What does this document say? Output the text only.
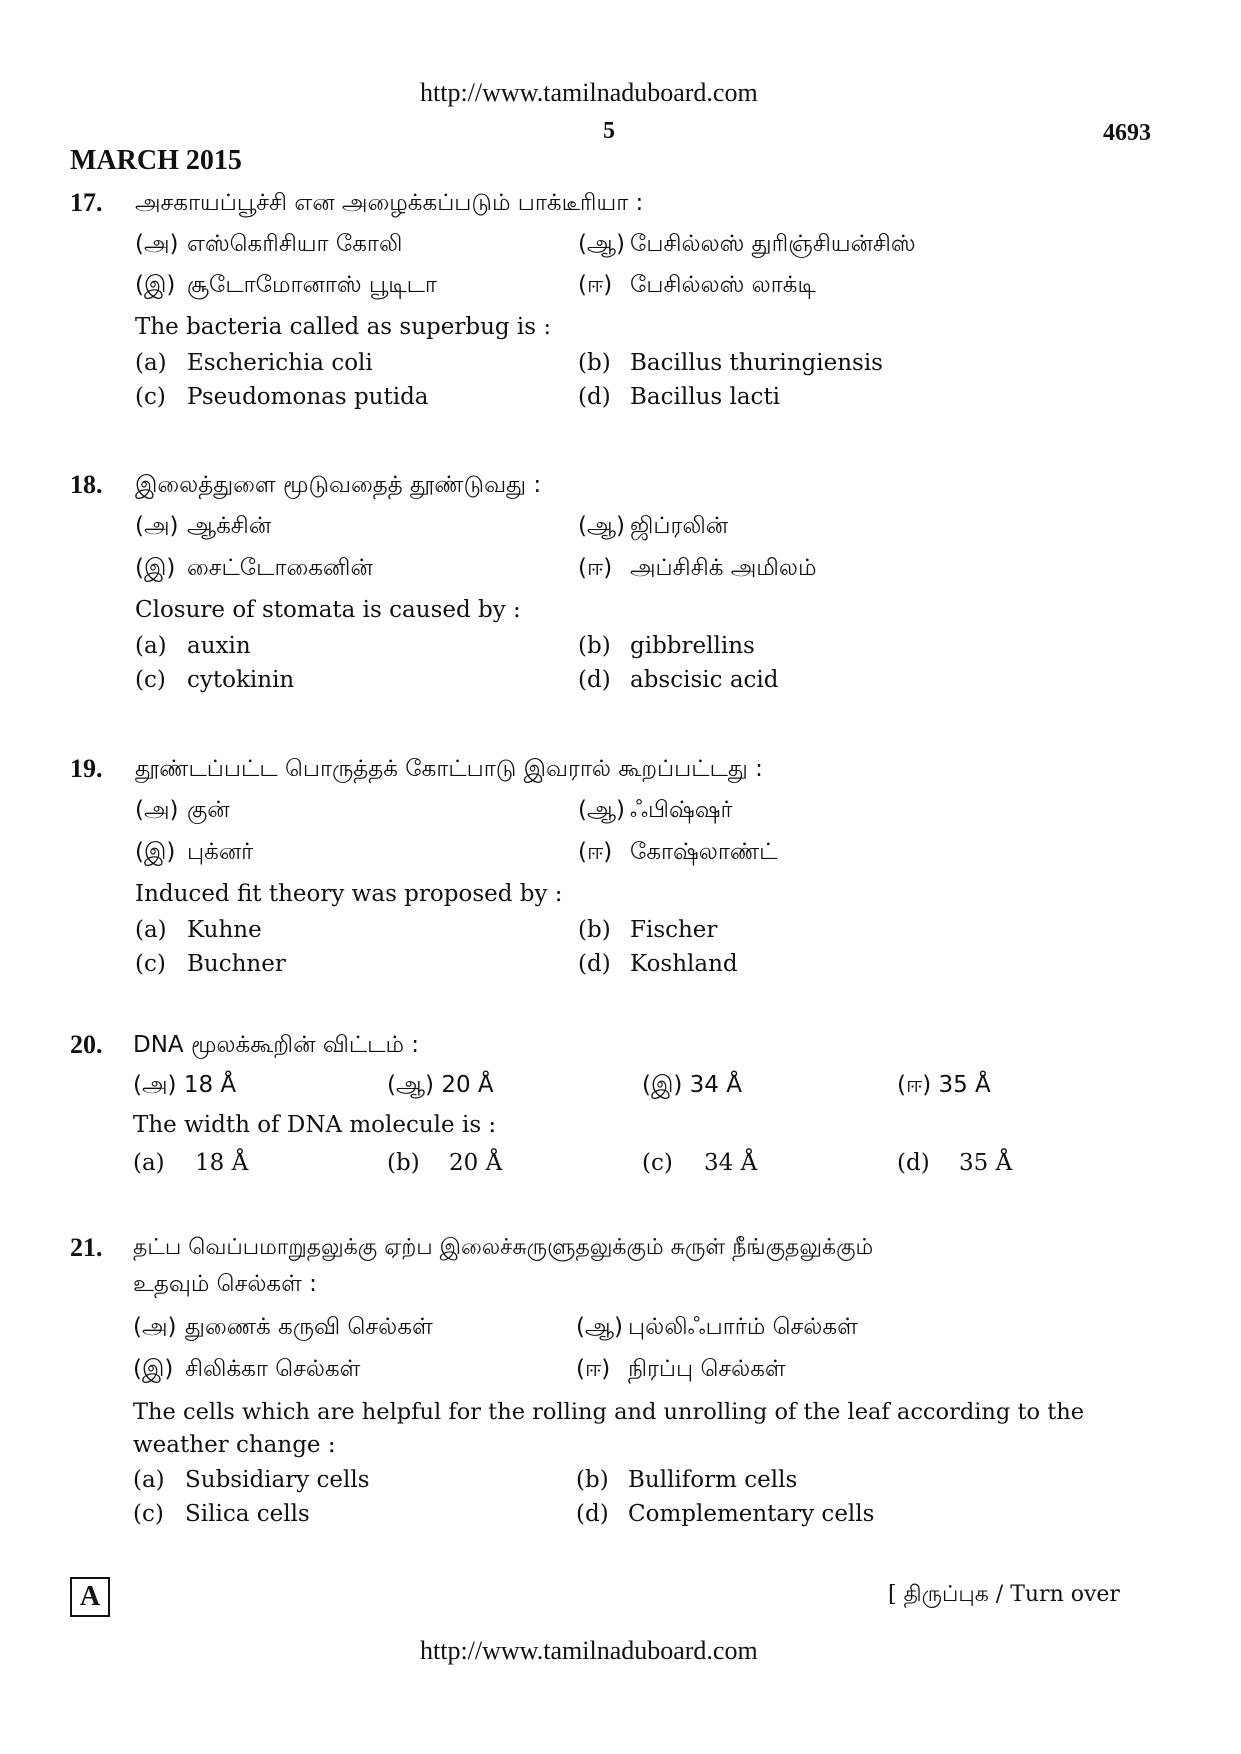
http://www.tamilnaduboard.com
5	4693
MARCH 2015
17. அசகாயப்பூச்சி என அழைக்கப்படும் பாக்டீரியா :
(அ) எஸ்கெரிசியா கோலி	(ஆ) பேசில்லஸ் துரிஞ்சியன்சிஸ்
(இ) சூடோமோனாஸ் பூடிடா	(ஈ) பேசில்லஸ் லாக்டி
The bacteria called as superbug is :
(a) Escherichia coli	(b) Bacillus thuringiensis
(c) Pseudomonas putida	(d) Bacillus lacti
18. இலைத்துளை மூடுவதைத் தூண்டுவது :
(அ) ஆக்சின்	(ஆ) ஜிப்ரலின்
(இ) சைட்டோகைனின்	(ஈ) அப்சிசிக் அமிலம்
Closure of stomata is caused by :
(a) auxin	(b) gibbrellins
(c) cytokinin	(d) abscisic acid
19. தூண்டப்பட்ட பொருத்தக் கோட்பாடு இவரால் கூறப்பட்டது :
(அ) குன்	(ஆ) ஃபிஷ்ஷர்
(இ) புக்னர்	(ஈ) கோஷ்லாண்ட்
Induced fit theory was proposed by :
(a) Kuhne	(b) Fischer
(c) Buchner	(d) Koshland
20. DNA மூலக்கூறின் விட்டம் :
(அ) 18 Å	(ஆ) 20 Å	(இ) 34 Å	(ஈ) 35 Å
The width of DNA molecule is :
(a) 18 Å	(b) 20 Å	(c) 34 Å	(d) 35 Å
21. தட்ப வெப்பமாறுதலுக்கு ஏற்ப இலைச்சுருளுதலுக்கும் சுருள் நீங்குதலுக்கும்
உதவும் செல்கள் :
(அ) துணைக் கருவி செல்கள்	(ஆ) புல்லிஃபார்ம் செல்கள்
(இ) சிலிக்கா செல்கள்	(ஈ) நிரப்பு செல்கள்
The cells which are helpful for the rolling and unrolling of the leaf according to the
weather change :
(a) Subsidiary cells	(b) Bulliform cells
(c) Silica cells	(d) Complementary cells
A	[ திருப்புக / Turn over
http://www.tamilnaduboard.com
